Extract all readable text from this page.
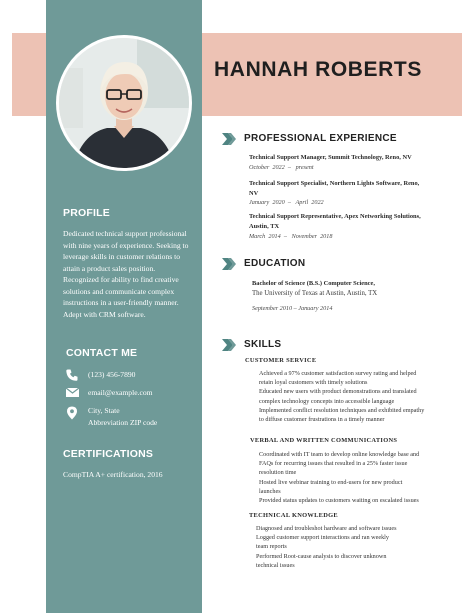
HANNAH ROBERTS
PROFILE
Dedicated technical support professional
with nine years of experience. Seeking to
leverage skills in customer relations to
attain a product sales position.
Recognized for ability to find creative
solutions and communicate complex
instructions in a user-friendly manner.
Adept with CRM software.
CONTACT ME
(123) 456-7890
email@example.com
City, State
Abbreviation ZIP code
CERTIFICATIONS
CompTIA A+ certification, 2016
PROFESSIONAL EXPERIENCE
Technical Support Manager, Summit Technology, Reno, NV
October  2022  –   present
Technical Support Specialist, Northern Lights Software, Reno, NV
January  2020  –   April  2022
Technical Support Representative, Apex Networking Solutions, Austin, TX
March  2014  –   November  2018
EDUCATION
Bachelor of Science (B.S.) Computer Science,
The University of Texas at Austin, Austin, TX
September 2010 – January 2014
SKILLS
CUSTOMER SERVICE
Achieved a 97% customer satisfaction survey rating and helped
retain loyal customers with timely solutions
Educated new users with product demonstrations and translated
complex technology concepts into accessible language
Implemented conflict resolution techniques and exhibited empathy
to diffuse customer frustrations in a timely manner
VERBAL AND WRITTEN COMMUNICATIONS
Coordinated with IT team to develop online knowledge base and
FAQs for recurring issues that resulted in a 25% faster issue
resolution time
Hosted live webinar training to end-users for new product
launches
Provided status updates to customers waiting on escalated issues
TECHNICAL KNOWLEDGE
Diagnosed and troubleshot hardware and software issues
Logged customer support interactions and ran weekly
team reports
Performed Root-cause analysis to discover unknown
technical issues
